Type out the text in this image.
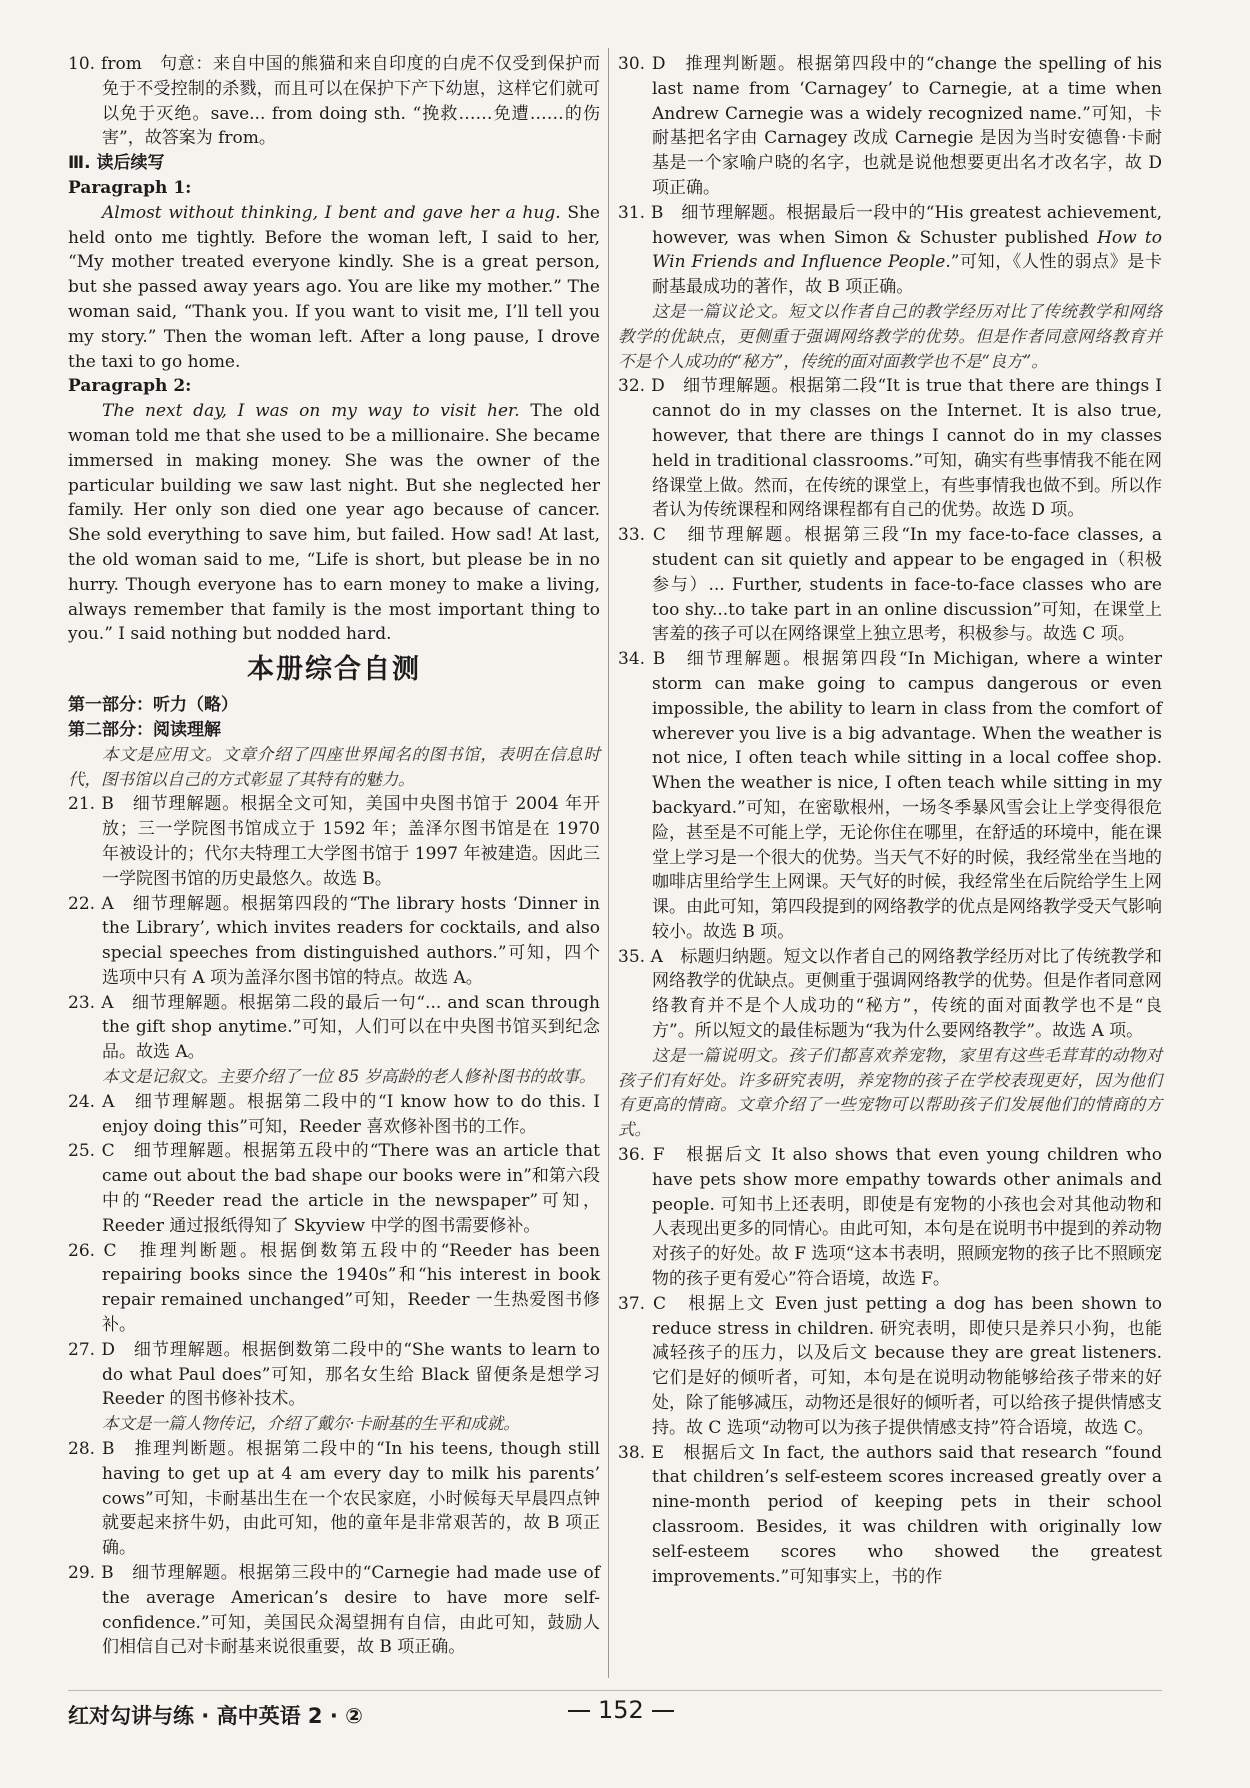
10. from　句意：来自中国的熊猫和来自印度的白虎不仅受到保护而免于不受控制的杀戮，而且可以在保护下产下幼崽，这样它们就可以免于灭绝。save... from doing sth. “挽救……免遭……的伤害”，故答案为 from。

Ⅲ. 读后续写

Paragraph 1:

Almost without thinking, I bent and gave her a hug. She held onto me tightly. Before the woman left, I said to her, “My mother treated everyone kindly. She is a great person, but she passed away years ago. You are like my mother.” The woman said, “Thank you. If you want to visit me, I’ll tell you my story.” Then the woman left. After a long pause, I drove the taxi to go home.

Paragraph 2:

The next day, I was on my way to visit her. The old woman told me that she used to be a millionaire. She became immersed in making money. She was the owner of the particular building we saw last night. But she neglected her family. Her only son died one year ago because of cancer. She sold everything to save him, but failed. How sad! At last, the old woman said to me, “Life is short, but please be in no hurry. Though everyone has to earn money to make a living, always remember that family is the most important thing to you.” I said nothing but nodded hard.

本册综合自测

第一部分：听力（略）

第二部分：阅读理解

本文是应用文。文章介绍了四座世界闻名的图书馆，表明在信息时代，图书馆以自己的方式彰显了其特有的魅力。

21. B　细节理解题。根据全文可知，美国中央图书馆于 2004 年开放；三一学院图书馆成立于 1592 年；盖泽尔图书馆是在 1970 年被设计的；代尔夫特理工大学图书馆于 1997 年被建造。因此三一学院图书馆的历史最悠久。故选 B。

22. A　细节理解题。根据第四段的“The library hosts ‘Dinner in the Library’, which invites readers for cocktails, and also special speeches from distinguished authors.”可知，四个选项中只有 A 项为盖泽尔图书馆的特点。故选 A。

23. A　细节理解题。根据第二段的最后一句“... and scan through the gift shop anytime.”可知，人们可以在中央图书馆买到纪念品。故选 A。

本文是记叙文。主要介绍了一位 85 岁高龄的老人修补图书的故事。

24. A　细节理解题。根据第二段中的“I know how to do this. I enjoy doing this”可知，Reeder 喜欢修补图书的工作。

25. C　细节理解题。根据第五段中的“There was an article that came out about the bad shape our books were in”和第六段中的“Reeder read the article in the newspaper”可知，Reeder 通过报纸得知了 Skyview 中学的图书需要修补。

26. C　推理判断题。根据倒数第五段中的“Reeder has been repairing books since the 1940s”和“his interest in book repair remained unchanged”可知，Reeder 一生热爱图书修补。

27. D　细节理解题。根据倒数第二段中的“She wants to learn to do what Paul does”可知，那名女生给 Black 留便条是想学习 Reeder 的图书修补技术。

本文是一篇人物传记，介绍了戴尔·卡耐基的生平和成就。

28. B　推理判断题。根据第二段中的“In his teens, though still having to get up at 4 am every day to milk his parents’ cows”可知，卡耐基出生在一个农民家庭，小时候每天早晨四点钟就要起来挤牛奶，由此可知，他的童年是非常艰苦的，故 B 项正确。

29. B　细节理解题。根据第三段中的“Carnegie had made use of the average American’s desire to have more self-confidence.”可知，美国民众渴望拥有自信，由此可知，鼓励人们相信自己对卡耐基来说很重要，故 B 项正确。

30. D　推理判断题。根据第四段中的“change the spelling of his last name from ‘Carnagey’ to Carnegie, at a time when Andrew Carnegie was a widely recognized name.”可知，卡耐基把名字由 Carnagey 改成 Carnegie 是因为当时安德鲁·卡耐基是一个家喻户晓的名字，也就是说他想要更出名才改名字，故 D 项正确。

31. B　细节理解题。根据最后一段中的“His greatest achievement, however, was when Simon & Schuster published How to Win Friends and Influence People.”可知，《人性的弱点》是卡耐基最成功的著作，故 B 项正确。

这是一篇议论文。短文以作者自己的教学经历对比了传统教学和网络教学的优缺点，更侧重于强调网络教学的优势。但是作者同意网络教育并不是个人成功的“秘方”，传统的面对面教学也不是“良方”。

32. D　细节理解题。根据第二段“It is true that there are things I cannot do in my classes on the Internet. It is also true, however, that there are things I cannot do in my classes held in traditional classrooms.”可知，确实有些事情我不能在网络课堂上做。然而，在传统的课堂上，有些事情我也做不到。所以作者认为传统课程和网络课程都有自己的优势。故选 D 项。

33. C　细节理解题。根据第三段“In my face-to-face classes, a student can sit quietly and appear to be engaged in（积极参与）... Further, students in face-to-face classes who are too shy...to take part in an online discussion”可知，在课堂上害羞的孩子可以在网络课堂上独立思考，积极参与。故选 C 项。

34. B　细节理解题。根据第四段“In Michigan, where a winter storm can make going to campus dangerous or even impossible, the ability to learn in class from the comfort of wherever you live is a big advantage. When the weather is not nice, I often teach while sitting in a local coffee shop. When the weather is nice, I often teach while sitting in my backyard.”可知，在密歇根州，一场冬季暴风雪会让上学变得很危险，甚至是不可能上学，无论你住在哪里，在舒适的环境中，能在课堂上学习是一个很大的优势。当天气不好的时候，我经常坐在当地的咖啡店里给学生上网课。天气好的时候，我经常坐在后院给学生上网课。由此可知，第四段提到的网络教学的优点是网络教学受天气影响较小。故选 B 项。

35. A　标题归纳题。短文以作者自己的网络教学经历对比了传统教学和网络教学的优缺点。更侧重于强调网络教学的优势。但是作者同意网络教育并不是个人成功的“秘方”，传统的面对面教学也不是“良方”。所以短文的最佳标题为“我为什么要网络教学”。故选 A 项。

这是一篇说明文。孩子们都喜欢养宠物，家里有这些毛茸茸的动物对孩子们有好处。许多研究表明，养宠物的孩子在学校表现更好，因为他们有更高的情商。文章介绍了一些宠物可以帮助孩子们发展他们的情商的方式。

36. F　根据后文 It also shows that even young children who have pets show more empathy towards other animals and people. 可知书上还表明，即使是有宠物的小孩也会对其他动物和人表现出更多的同情心。由此可知，本句是在说明书中提到的养动物对孩子的好处。故 F 选项“这本书表明，照顾宠物的孩子比不照顾宠物的孩子更有爱心”符合语境，故选 F。

37. C　根据上文 Even just petting a dog has been shown to reduce stress in children. 研究表明，即使只是养只小狗，也能减轻孩子的压力，以及后文 because they are great listeners. 它们是好的倾听者，可知，本句是在说明动物能够给孩子带来的好处，除了能够减压，动物还是很好的倾听者，可以给孩子提供情感支持。故 C 选项“动物可以为孩子提供情感支持”符合语境，故选 C。

38. E　根据后文 In fact, the authors said that research “found that children’s self-esteem scores increased greatly over a nine-month period of keeping pets in their school classroom. Besides, it was children with originally low self-esteem scores who showed the greatest improvements.”可知事实上，书的作

红对勾讲与练 · 高中英语 2 · ②	152
